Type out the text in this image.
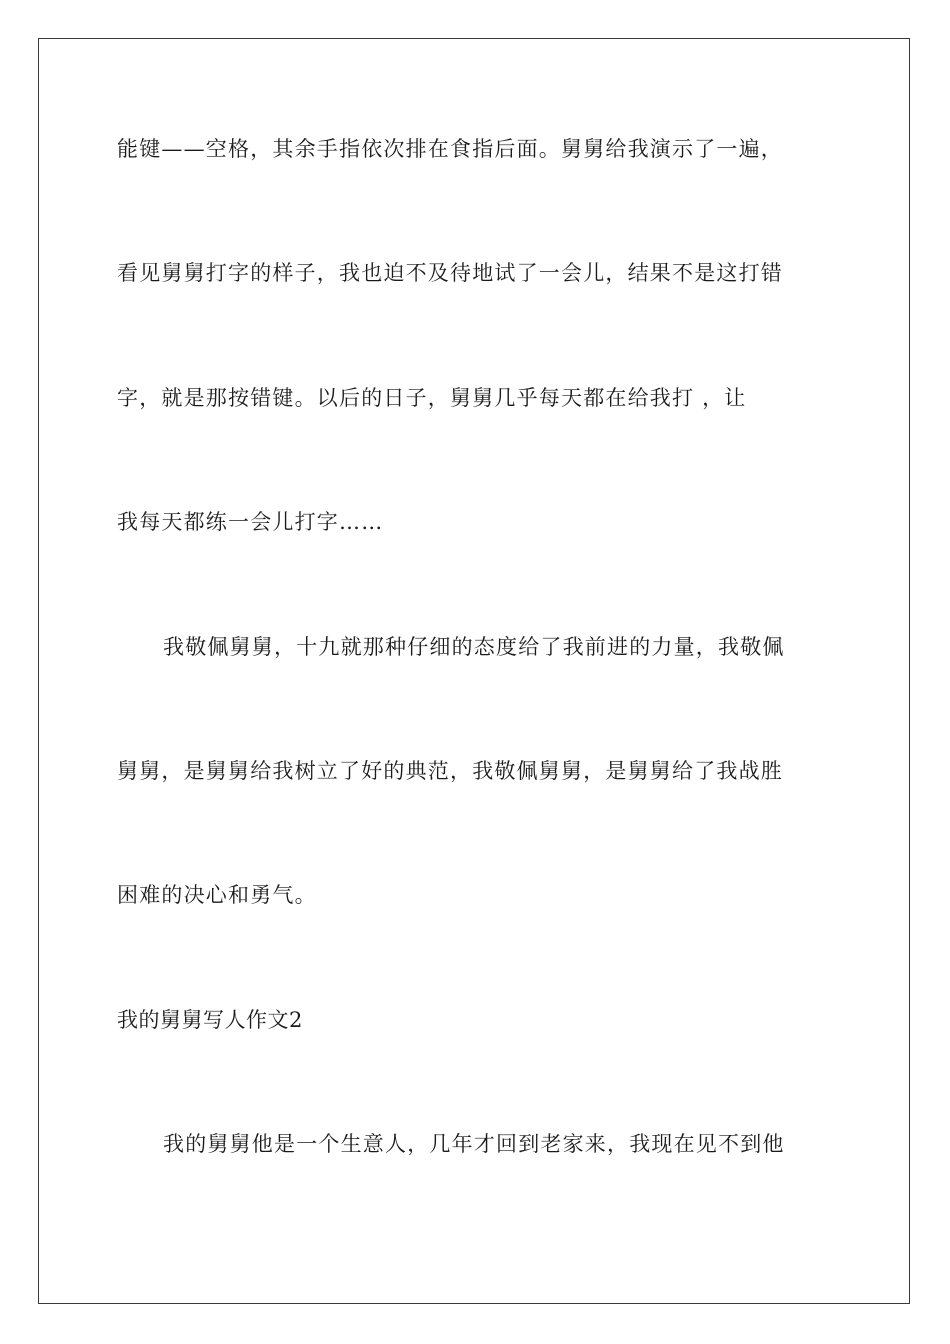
能键——空格，其余手指依次排在食指后面。舅舅给我演示了一遍，

看见舅舅打字的样子，我也迫不及待地试了一会儿，结果不是这打错

字，就是那按错键。以后的日子，舅舅几乎每天都在给我打 ，让

我每天都练一会儿打字……

我敬佩舅舅，十九就那种仔细的态度给了我前进的力量，我敬佩

舅舅，是舅舅给我树立了好的典范，我敬佩舅舅，是舅舅给了我战胜

困难的决心和勇气。

我的舅舅写人作文2

我的舅舅他是一个生意人，几年才回到老家来，我现在见不到他
